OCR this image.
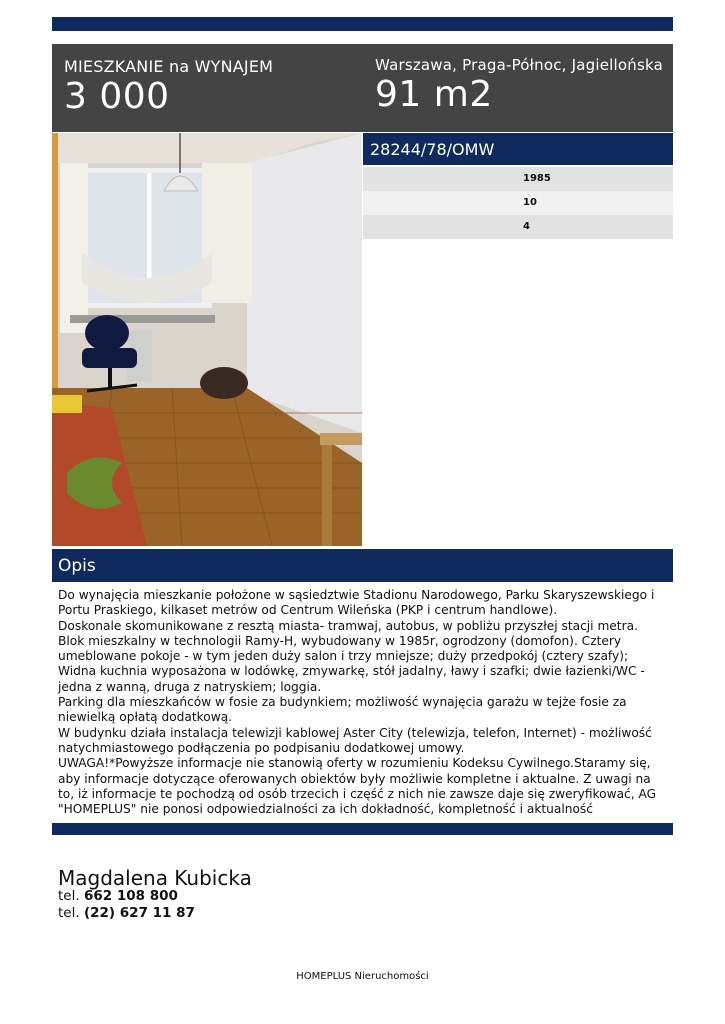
MIESZKANIE na WYNAJEM
3 000
Warszawa, Praga-Północ, Jagiellońska
91 m2
28244/78/OMW
1985
10
4
Opis
Do wynajęcia mieszkanie położone w sąsiedztwie Stadionu Narodowego, Parku Skaryszewskiego i Portu Praskiego, kilkaset metrów od Centrum Wileńska (PKP i centrum handlowe).
Doskonale skomunikowane z resztą miasta- tramwaj, autobus, w pobliżu przyszłej stacji metra.
Blok mieszkalny w technologii Ramy-H, wybudowany w 1985r, ogrodzony (domofon). Cztery umeblowane pokoje - w tym jeden duży salon i trzy mniejsze; duży przedpokój (cztery szafy);
Widna kuchnia wyposażona w lodówkę, zmywarkę, stół jadalny, ławy i szafki; dwie łazienki/WC - jedna z wanną, druga z natryskiem; loggia.
Parking dla mieszkańców w fosie za budynkiem; możliwość wynajęcia garażu w tejże fosie za niewielką opłatą dodatkową.
W budynku działa instalacja telewizji kablowej Aster City (telewizja, telefon, Internet) - możliwość natychmiastowego podłączenia po podpisaniu dodatkowej umowy.
UWAGA!*Powyższe informacje nie stanowią oferty w rozumieniu Kodeksu Cywilnego.Staramy się, aby informacje dotyczące oferowanych obiektów były możliwie kompletne i aktualne. Z uwagi na to, iż informacje te pochodzą od osób trzecich i część z nich nie zawsze daje się zweryfikować, AG "HOMEPLUS" nie ponosi odpowiedzialności za ich dokładność, kompletność i aktualność
Magdalena Kubicka
tel. 662 108 800
tel. (22) 627 11 87
HOMEPLUS Nieruchomości
